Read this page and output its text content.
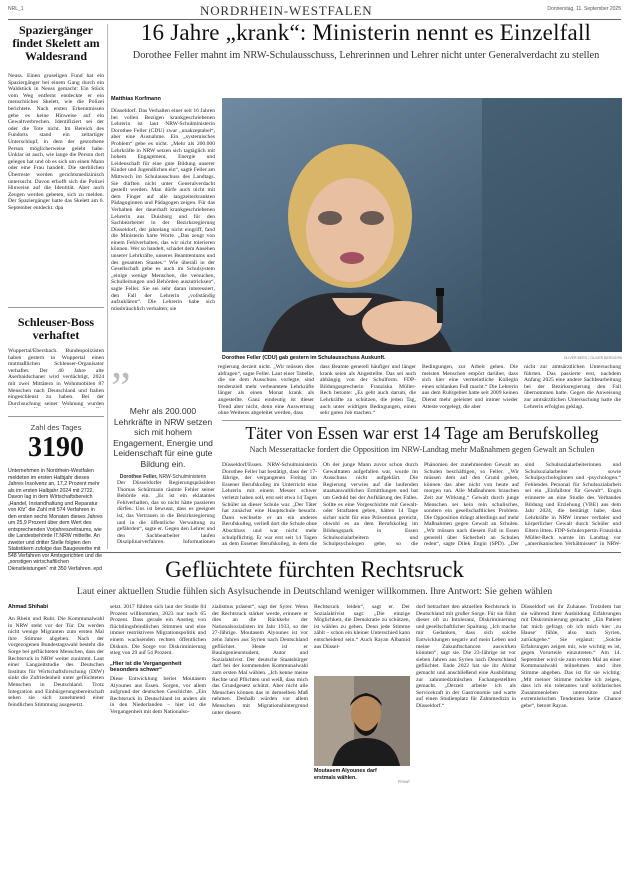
NRL_1	NORDRHEIN-WESTFALEN	Donnerstag, 11. September 2025
Spaziergänger findet Skelett am Waldesrand
Neuss. Einen gruseligen Fund hat ein Spaziergänger bei einem Gang durch ein Waldstück in Neuss gemacht: Ein Stück vom Weg entfernt entdeckte er ein menschliches Skelett, wie die Polizei berichtete. Nach ersten Erkenntnissen gebe es keine Hinweise auf ein Gewaltverbrechen. Identifiziert sei der oder die Tote nicht. Im Bereich des Fundorts stand ein zeltartiger Unterschlupf, in dem der gestorbene Person möglicherweise gelebt habe. Unklar ist auch, wie lange die Person dort gelegen hat und ob es sich um einen Mann oder eine Frau handelt. Die sterblichen Überreste werden gerichtsmedizinisch untersucht. Davon erhofft sich die Polizei Hinweise auf die Identität. Aber auch Zeugen werden gebeten, sich zu melden. Der Spaziergänger hatte das Skelett am 6. September entdeckt. dpa
Schleuser-Boss verhaftet
Wuppertal/Ebersbach. Bundespolizisten haben gestern in Wuppertal einen mutmaßlichen Schleuser-Organisator verhaftet. Der 40 Jahre alte Aserbaidschaner wird verdächtigt, 2024 mit zwei Mittätern in Wohnmobilen 87 Menschen nach Deutschland und Italien eingeschleust zu haben. Bei der Durchsuchung seiner Wohnung wurden
Zahl des Tages
3190
Unternehmen in Nordrhein-Westfalen meldeten im ersten Halbjahr dieses Jahres Insolvenz an, 17,2 Prozent mehr als im ersten Halbjahr 2024 mit 2722. Davon lag in dem Wirtschaftsbereich „Handel, Instandhaltung und Reparatur von Kfz“ die Zahl mit 574 Verfahren in den ersten sechs Monaten dieses Jahres um 25,9 Prozent über dem Wert des entsprechenden Vorjahreszeitraums, wie die Landesbehörde IT.NRW mitteilte. An zweiter und dritter Stelle folgten den Statistikern zufolge das Baugewerbe mit 548 Verfahren vor Amtsgerichten und die „sonstigen wirtschaftlichen Dienstleistungen“ mit 350 Verfahren. epd
16 Jahre „krank“: Ministerin nennt es Einzelfall
Dorothee Feller mahnt im NRW-Schulausschuss, Lehrerinnen und Lehrer nicht unter Generalverdacht zu stellen
Matthias Korfmann
Düsseldorf. Das Verhalten einer seit 16 Jahren bei vollen Bezügen krankgeschriebenen Lehrerin ist laut NRW-Schulministerin Dorothee Feller (CDU) zwar „unakzeptabel“, aber eine Ausnahme. Ein „systemisches Problem“ gebe es nicht. „Mehr als 200.000 Lehrkräfte in NRW setzen sich tagtäglich mit hohem Engagement, Energie und Leidenschaft für eine gute Bildung unserer Kinder und Jugendlichen ein“, sagte Feller am Mittwoch im Schulausschuss des Landtags. Sie dürften nicht unter Generalverdacht gestellt werden. Man dürfe auch nicht mit dem Finger auf alle langzeiterkrankten Pädagoginnen und Pädagogen zeigen. Für das Verhalten der dauerhaft krankgeschriebenen Lehrerin aus Duisburg und für den Sachbearbeiter in der Bezirksregierung Düsseldorf, der jahrelang nicht eingriff, fand die Ministerin harte Worte. „Das zeugt von einem Fehlverhalten, das wir nicht tolerieren können. Wer so handelt, schadet dem Ansehen unserer Lehrkräfte, unseres Beamtentums und des gesamten Staates.“ Wie überall in der Gesellschaft gebe es auch im Schulsystem „einige wenige Menschen, die versuchen, Schulleitungen und Behörden auszutricksen“, sagte Feller. Sie sei sehr daran interessiert, den Fall der Lehrerin „vollständig aufzuklären“. Die Lehrerin habe sich missbräuchlich verhalten; sie
Dorothee Feller (CDU) gab gestern im Schulausschuss Auskunft.	OLIVER BERG / OLIVER BERG/DPA
” Mehr als 200.000 Lehrkräfte in NRW setzen sich mit hohem Engagement, Energie und Leidenschaft für eine gute Bildung ein.
Dorothee Feller, NRW-Schulministerin
Der Düsseldorfer Regierungspräsident Thomas Schürmann räumte Fehler seiner Behörde ein. „Es ist ein eklatantes Fehlverhalten, das so nicht hätte passieren dürfen. Uns ist bewusst, dass es geeignet ist, das Vertrauen in die Bezirksregierung und in die öffentliche Verwaltung zu gefährden“, sagte er. Gegen den Lehrer und den Sachbearbeiter laufen Disziplinarverfahren. Informationen
regierung derzeit nicht. „Wir müssen dies abfragen“, sagte Feller. Laut einer Tabelle, die sie dem Ausschuss vorlegte, sind tendenziell mehr verbeamtete Lehrkräfte länger als einen Monat krank als angestellte. Ganz eindeutig ist dieser Trend aber nicht, denn eine Auswertung ohne Weiteres abgeleitet werden, dass
dass Beamte generell häufiger und länger krank seien als Angestellte. Das sei auch abhängig von der Schulform. FDP-Bildungssprecherin Franziska Müller-Rech betonte: „Es geht auch darum, die Lehrkräfte zu schützen, die jeden Tag, auch unter widrigen Bedingungen, einen sehr guten Job machen.“
Bedingungen, zur Arbeit gehen. Die meisten Menschen empört darüber, dass sich hier eine vermeintliche Kollegin einen schlanken Fuß macht.“ Die Lehrerin aus dem Ruhrgebiet hatte seit 2009 keinen Dienst mehr geleistet und immer wieder Atteste vorgelegt, die aber
nicht zur amtsärztlichen Untersuchung führten. Das passierte erst, nachdem Anfang 2025 eine andere Sachbearbeitung bei der Bezirksregierung den Fall übernommen hatte. Gegen die Anweisung zur amtsärztlichen Untersuchung hatte die Lehrerin erfolglos geklagt.
Täter von Essen war erst 14 Tage am Berufskolleg
Nach Messerattacke fordert die Opposition im NRW-Landtag mehr Maßnahmen gegen Gewalt an Schulen
Düsseldorf/Essen. NRW-Schulministerin Dorothee Feller hat bestätigt, dass der 17-Jährige, der vergangenen Freitag im Essener Berufskolleg im Unterricht eine Lehrerin mit einem Messer schwer verletzt haben soll, erst seit etwa 14 Tagen Schüler an dieser Schule war. „Der Täter hat zunächst eine Hauptschule besucht. Dann wechselte er an ein anderes Berufskolleg, verließ dort die Schule ohne Abschluss und war nicht mehr schulpflichtig. Er war erst seit 14 Tagen an dem Essener Berufskolleg, in dem die
Ob der junge Mann zuvor schon durch Gewalttaten aufgefallen war, wurde im Ausschuss nicht aufgeklärt. Die Regierung verwies auf die laufenden staatsanwaltlichen Ermittlungen und bat um Geduld bei der Aufklärung des Falles. Sollte es eine Vorgeschichte mit Gewalt- oder Straftaten geben, hätten 14 Tage sicher nicht für eine Prävention gereicht, obwohl es an dem Berufskolleg im Bildungspark in Essen Schulsozialarbeitern und Schulpsychologen gebe, so die
Phänomen der zunehmenden Gewalt an Schulen beschäftigen, so Feller. „Wir müssen dem auf den Grund gehen, können das aber nicht von heute auf morgen tun. Alle Maßnahmen brauchen Zeit zur Wirkung.“ Gewalt durch junge Menschen sei kein rein schulisches, sondern ein gesellschaftliches Problem. Die Opposition drängt allerdings auf mehr Maßnahmen gegen Gewalt an Schulen. „Wir müssen nach diesem Fall in Essen generell über Sicherheit an Schulen reden“, sagte Dilek Engin (SPD). „Der
sind Schulsozialarbeiterinnen und Schulsozialarbeiter sowie Schulpsychologinnen und -psychologen.“ Fehlendes Personal für Schulsozialarbeit sei ein „Einfallstor für Gewalt“. Engin erinnerte an eine Studie des Verbandes Bildung und Erziehung (VBE) aus dem Jahr 2024, die bestätigt habe, dass Lehrkräfte in NRW immer verbaler und körperlicher Gewalt durch Schüler und Eltern litten. FDP-Schulexpertin Franziska Müller-Rech warnte im Landtag vor „amerikanischen Verhältnissen“ in NRW-
Geflüchtete fürchten Rechtsruck
Laut einer aktuellen Studie fühlen sich Asylsuchende in Deutschland weniger willkommen. Ihre Antwort: Sie gehen wählen
Ahmad Shihabi
An Rhein und Ruhr. Die Kommunalwahl in NRW steht vor der Tür. Da werden nicht wenige Migranten zum ersten Mal ihre Stimme abgeben. Nach der vorgezogenen Bundestagswahl besteht die Sorge bei geflüchteten Menschen, dass der Rechtsruck in NRW weiter zunimmt. Laut einer Langzeitstudie des Deutschen Instituts für Wirtschaftsforschung (DIW) sinkt die Zufriedenheit unter geflüchteten Menschen in Deutschland. Trotz Integration und Einbürgerungsbereitschaft sehen sie sich zunehmend einer feindlichen Stimmung ausgesetzt.
setzt. 2017 fühlten sich laut der Studie 84 Prozent willkommen, 2023 nur noch 65 Prozent. Dass gerade ein Anstieg von flüchtlingsfeindlichen Stimmen und eine immer restriktivere Migrationspolitik und einem wachsenden rechten öffentlichen Diskurs. Die Sorge vor Diskriminierung stieg von 29 auf 54 Prozent.
„Hier ist die Vergangenheit besonders schwer“
Diese Entwicklung beriet Moutasem Alyounes aus Essen. Sorgen, vor allem aufgrund der deutschen Geschichte. „Ein Rechtsruck in Deutschland ist anders als in den Niederlanden – hier ist die Vergangenheit mit dem Nationalso-
zialismus präsent“, sagt der Syrer. Wenn der Rechtsruck stärker werde, erinnere er dies an die Rückkehr der Nationalsozialisten im Jahr 1933, so der 27-Jährige. Moutasem Alyounes ist vor zehn Jahren aus Syrien nach Deutschland geflüchtet. Heute ist er Bauingenieurstudent, Autor und Sozialaktivist. Der deutsche Staatsbürger darf bei der kommenden Kommunalwahl zum ersten Mal wählen. „Ich kenne meine Rechte und Pflichten und weiß, dass mich das Grundgesetz schützt. Aber nicht alle Menschen können das in demselben Maß nehmen. Deshalb würden vor allem Menschen mit Migrationshintergrund unter diesem
Rechtsruck leiden“, sagt er. Der Sozialaktivist sagt: „Die einzige Möglichkeit, die Demokratie zu schützen, ist wählen zu gehen. Denn jede Stimme zählt – schon ein kleiner Unterschied kann entscheidend sein.“ Auch Rayan Albamid aus Düssel-
Moutasem Alyounes darf erstmals wählen.
PRIVAT
dorf betrachtet den aktuellen Rechtsruck in Deutschland mit großer Sorge. Für sie führt dieser oft zu Intoleranz, Diskriminierung und gesellschaftlicher Spaltung. „Ich mache mir Gedanken, dass sich solche Entwicklungen negativ auf mein Leben und meine Zukunftschancen auswirken könnten“, sagt sie. Die 23-Jährige ist vor sieben Jahren aus Syrien nach Deutschland geflüchtet. Ende 2022 hat sie ihr Abitur gemacht und anschließend eine Ausbildung zur zahnmedizinischen Fachangestellten gemacht. „Derzeit arbeite ich als Servicekraft in der Gastronomie und warte auf einen Studienplatz für Zahnmedizin in Düsseldorf.“
Düsseldorf sei ihr Zuhause. Trotzdem hat sie während ihrer Ausbildung Erfahrungen mit Diskriminierung gemacht: „Ein Patient hat mich gefragt, ob ich mich hier ‚zu Hause‘ fühle, also nach Syrien, zurückgehe.“ Sie ergänzt: „Solche Erfahrungen zeigen mir, wie wichtig es ist, gegen Vorurteile einzutreten.“ Am 14. September wird sie zum ersten Mal an einer Kommunalwahl teilnehmen und ihre Stimme abgeben. Das ist für sie wichtig: „Mit meiner Stimme möchte ich zeigen, dass ich ein tolerantes und solidarisches Zusammenleben unterstütze und extremistischen Tendenzen keine Chance gebe“, betont Rayan.
